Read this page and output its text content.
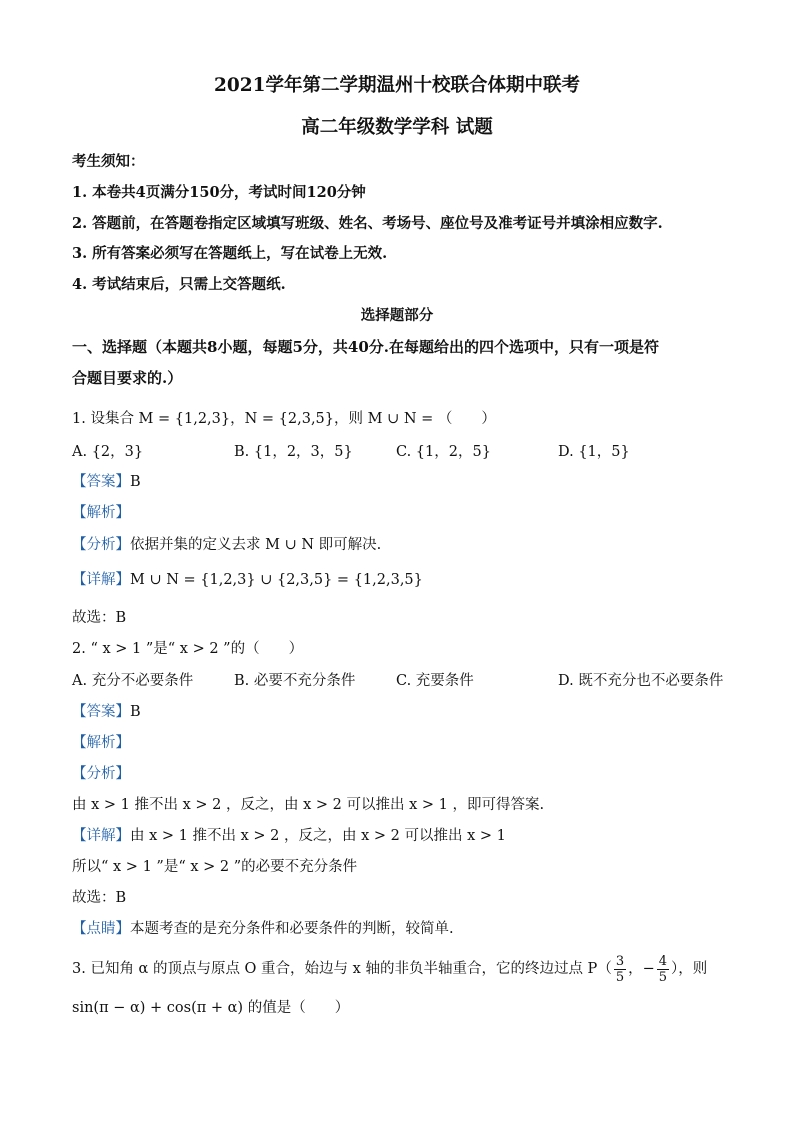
2021学年第二学期温州十校联合体期中联考
高二年级数学学科 试题
考生须知：
1. 本卷共4页满分150分，考试时间120分钟
2. 答题前，在答题卷指定区域填写班级、姓名、考场号、座位号及准考证号并填涂相应数字.
3. 所有答案必须写在答题纸上，写在试卷上无效.
4. 考试结束后，只需上交答题纸.
选择题部分
一、选择题（本题共8小题，每题5分，共40分.在每题给出的四个选项中，只有一项是符
合题目要求的.）
1. 设集合 M = {1,2,3}，N = {2,3,5}，则 M ∪ N = （　　）
A. {2，3}	B. {1，2，3，5}	C. {1，2，5}	D. {1，5}
【答案】B
【解析】
【分析】依据并集的定义去求 M ∪ N 即可解决.
【详解】M ∪ N = {1,2,3} ∪ {2,3,5} = {1,2,3,5}
故选：B
2. “ x > 1 ”是“ x > 2 ”的（　　）
A. 充分不必要条件	B. 必要不充分条件	C. 充要条件	D. 既不充分也不必要条件
【答案】B
【解析】
【分析】
由 x > 1 推不出 x > 2 ，反之，由 x > 2 可以推出 x > 1 ，即可得答案.
【详解】由 x > 1 推不出 x > 2 ，反之，由 x > 2 可以推出 x > 1
所以“ x > 1 ”是“ x > 2 ”的必要不充分条件
故选：B
【点睛】本题考查的是充分条件和必要条件的判断，较简单.
3. 已知角 α 的顶点与原点 O 重合，始边与 x 轴的非负半轴重合，它的终边过点 $P( \frac{3}{5}$ ，− $\frac{4}{5}$ ），则
sin(π − α) + cos(π + α) 的值是（　　）
